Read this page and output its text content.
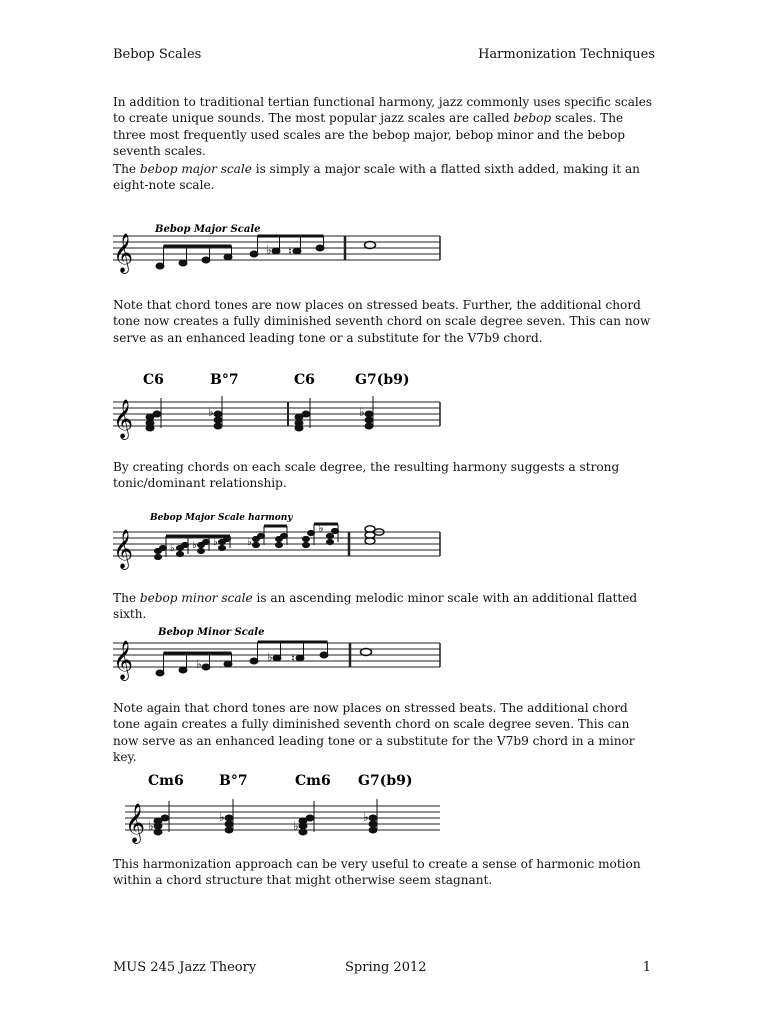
Bebop Scales	Harmonization Techniques

In addition to traditional tertian functional harmony, jazz commonly uses specific scales to create unique sounds. The most popular jazz scales are called bebop scales. The three most frequently used scales are the bebop major, bebop minor and the bebop seventh scales.

The bebop major scale is simply a major scale with a flatted sixth added, making it an eight-note scale.

Note that chord tones are now places on stressed beats. Further, the additional chord tone now creates a fully diminished seventh chord on scale degree seven. This can now serve as an enhanced leading tone or a substitute for the V7b9 chord.

By creating chords on each scale degree, the resulting harmony suggests a strong tonic/dominant relationship.

The bebop minor scale is an ascending melodic minor scale with an additional flatted sixth.

Note again that chord tones are now places on stressed beats. The additional chord tone again creates a fully diminished seventh chord on scale degree seven. This can now serve as an enhanced leading tone or a substitute for the V7b9 chord in a minor key.

This harmonization approach can be very useful to create a sense of harmonic motion within a chord structure that might otherwise seem stagnant.

MUS 245 Jazz Theory	Spring 2012	1
Bebop Major Scale
𝄞	♭ ♮
C6	B°7	C6	G7(b9)
𝄞	♭	♭
Bebop Major Scale harmony
𝄞	♭ ♭ ♭	♭
♭
Bebop Minor Scale
𝄞	♭	♭ ♮
Cm6	B°7	Cm6 G7(b9)
𝄞 ♭
♭
♭
♭
